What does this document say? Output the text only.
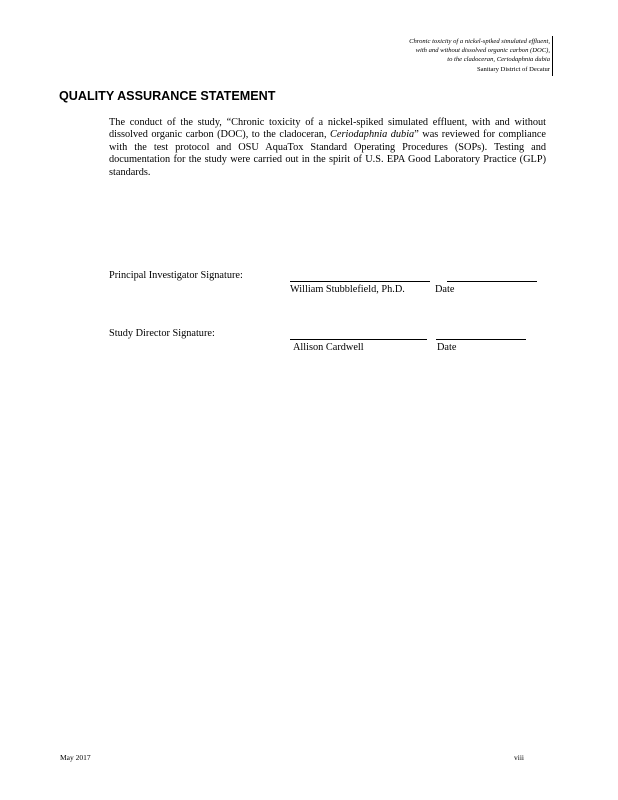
Chronic toxicity of a nickel-spiked simulated effluent,
with and without dissolved organic carbon (DOC),
to the cladoceran, Ceriodaphnia dubia
Sanitary District of Decatur
QUALITY ASSURANCE STATEMENT

The conduct of the study, “Chronic toxicity of a nickel-spiked simulated effluent, with and without dissolved organic carbon (DOC), to the cladoceran, Ceriodaphnia dubia” was reviewed for compliance with the test protocol and OSU AquaTox Standard Operating Procedures (SOPs). Testing and documentation for the study were carried out in the spirit of U.S. EPA Good Laboratory Practice (GLP) standards.

Principal Investigator Signature:
William Stubblefield, Ph.D.	Date
Study Director Signature:
Allison Cardwell	Date
May 2017	viii
